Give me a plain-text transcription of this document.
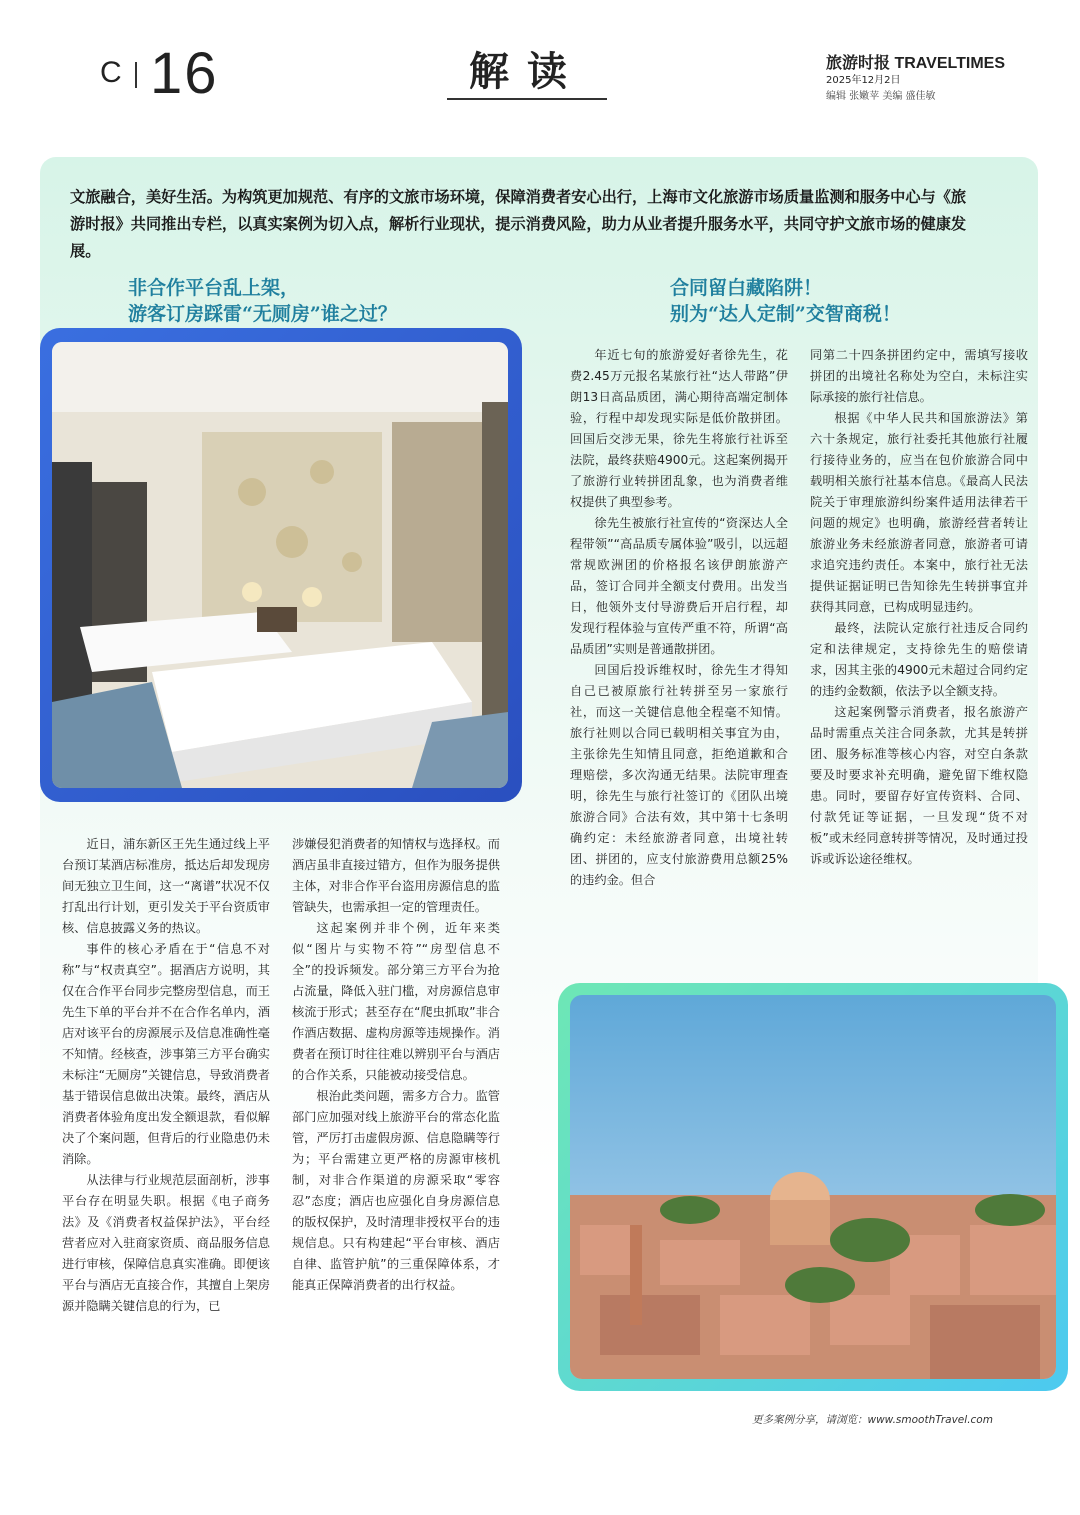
C 16	解读	旅游时报 TRAVELTIMES
2025年12月2日
编辑 张嫩苹 美编 盛佳敏
文旅融合，美好生活。为构筑更加规范、有序的文旅市场环境，保障消费者安心出行，上海市文化旅游市场质量监测和服务中心与《旅游时报》共同推出专栏，以真实案例为切入点，解析行业现状，提示消费风险，助力从业者提升服务水平，共同守护文旅市场的健康发展。
非合作平台乱上架，
游客订房踩雷“无厕房”谁之过？
合同留白藏陷阱！
别为“达人定制”交智商税！

近日，浦东新区王先生通过线上平台预订某酒店标准房，抵达后却发现房间无独立卫生间，这一“离谱”状况不仅打乱出行计划，更引发关于平台资质审核、信息披露义务的热议。

事件的核心矛盾在于“信息不对称”与“权责真空”。据酒店方说明，其仅在合作平台同步完整房型信息，而王先生下单的平台并不在合作名单内，酒店对该平台的房源展示及信息准确性毫不知情。经核查，涉事第三方平台确实未标注“无厕房”关键信息，导致消费者基于错误信息做出决策。最终，酒店从消费者体验角度出发全额退款，看似解决了个案问题，但背后的行业隐患仍未消除。

从法律与行业规范层面剖析，涉事平台存在明显失职。根据《电子商务法》及《消费者权益保护法》，平台经营者应对入驻商家资质、商品服务信息进行审核，保障信息真实准确。即便该平台与酒店无直接合作，其擅自上架房源并隐瞒关键信息的行为，已

涉嫌侵犯消费者的知情权与选择权。而酒店虽非直接过错方，但作为服务提供主体，对非合作平台盗用房源信息的监管缺失，也需承担一定的管理责任。

这起案例并非个例，近年来类似“图片与实物不符”“房型信息不全”的投诉频发。部分第三方平台为抢占流量，降低入驻门槛，对房源信息审核流于形式；甚至存在“爬虫抓取”非合作酒店数据、虚构房源等违规操作。消费者在预订时往往难以辨别平台与酒店的合作关系，只能被动接受信息。

根治此类问题，需多方合力。监管部门应加强对线上旅游平台的常态化监管，严厉打击虚假房源、信息隐瞒等行为；平台需建立更严格的房源审核机制，对非合作渠道的房源采取“零容忍”态度；酒店也应强化自身房源信息的版权保护，及时清理非授权平台的违规信息。只有构建起“平台审核、酒店自律、监管护航”的三重保障体系，才能真正保障消费者的出行权益。

年近七旬的旅游爱好者徐先生，花费2.45万元报名某旅行社“达人带路”伊朗13日高品质团，满心期待高端定制体验，行程中却发现实际是低价散拼团。回国后交涉无果，徐先生将旅行社诉至法院，最终获赔4900元。这起案例揭开了旅游行业转拼团乱象，也为消费者维权提供了典型参考。

徐先生被旅行社宣传的“资深达人全程带领”“高品质专属体验”吸引，以远超常规欧洲团的价格报名该伊朗旅游产品，签订合同并全额支付费用。出发当日，他领外支付导游费后开启行程，却发现行程体验与宣传严重不符，所谓“高品质团”实则是普通散拼团。

回国后投诉维权时，徐先生才得知自己已被原旅行社转拼至另一家旅行社，而这一关键信息他全程毫不知情。旅行社则以合同已载明相关事宜为由，主张徐先生知情且同意，拒绝道歉和合理赔偿，多次沟通无结果。法院审理查明，徐先生与旅行社签订的《团队出境旅游合同》合法有效，其中第十七条明确约定：未经旅游者同意，出境社转团、拼团的，应支付旅游费用总额25%的违约金。但合

同第二十四条拼团约定中，需填写接收拼团的出境社名称处为空白，未标注实际承接的旅行社信息。

根据《中华人民共和国旅游法》第六十条规定，旅行社委托其他旅行社履行接待业务的，应当在包价旅游合同中载明相关旅行社基本信息。《最高人民法院关于审理旅游纠纷案件适用法律若干问题的规定》也明确，旅游经营者转让旅游业务未经旅游者同意，旅游者可请求追究违约责任。本案中，旅行社无法提供证据证明已告知徐先生转拼事宜并获得其同意，已构成明显违约。

最终，法院认定旅行社违反合同约定和法律规定，支持徐先生的赔偿请求，因其主张的4900元未超过合同约定的违约金数额，依法予以全额支持。

这起案例警示消费者，报名旅游产品时需重点关注合同条款，尤其是转拼团、服务标准等核心内容，对空白条款要及时要求补充明确，避免留下维权隐患。同时，要留存好宣传资料、合同、付款凭证等证据，一旦发现“货不对板”或未经同意转拼等情况，及时通过投诉或诉讼途径维权。

更多案例分享，请浏览：www.smoothTravel.com
